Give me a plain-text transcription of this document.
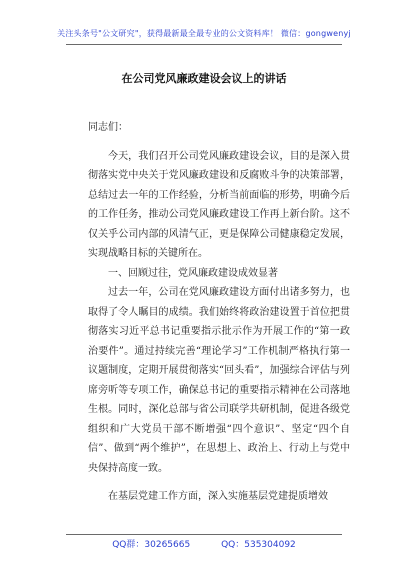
关注头条号"公文研究"，获得最新最全最专业的公文资料库！ 微信：gongwenyj
在公司党风廉政建设会议上的讲话

同志们：

今天，我们召开公司党风廉政建设会议，目的是深入贯彻落实党中央关于党风廉政建设和反腐败斗争的决策部署，总结过去一年的工作经验，分析当前面临的形势，明确今后的工作任务，推动公司党风廉政建设工作再上新台阶。这不仅关乎公司内部的风清气正，更是保障公司健康稳定发展，实现战略目标的关键所在。

一、回顾过往，党风廉政建设成效显著

过去一年，公司在党风廉政建设方面付出诸多努力，也取得了令人瞩目的成绩。我们始终将政治建设置于首位把贯彻落实习近平总书记重要指示批示作为开展工作的“第一政治要件”。通过持续完善“理论学习”工作机制严格执行第一议题制度，定期开展贯彻落实“回头看”，加强综合评估与列席旁听等专项工作，确保总书记的重要指示精神在公司落地生根。同时，深化总部与省公司联学共研机制，促进各级党组织和广大党员干部不断增强“四个意识”、坚定“四个自信”、做到“两个维护”，在思想上、政治上、行动上与党中央保持高度一致。

在基层党建工作方面，深入实施基层党建提质增效

QQ群：30265665	QQ：535304092
